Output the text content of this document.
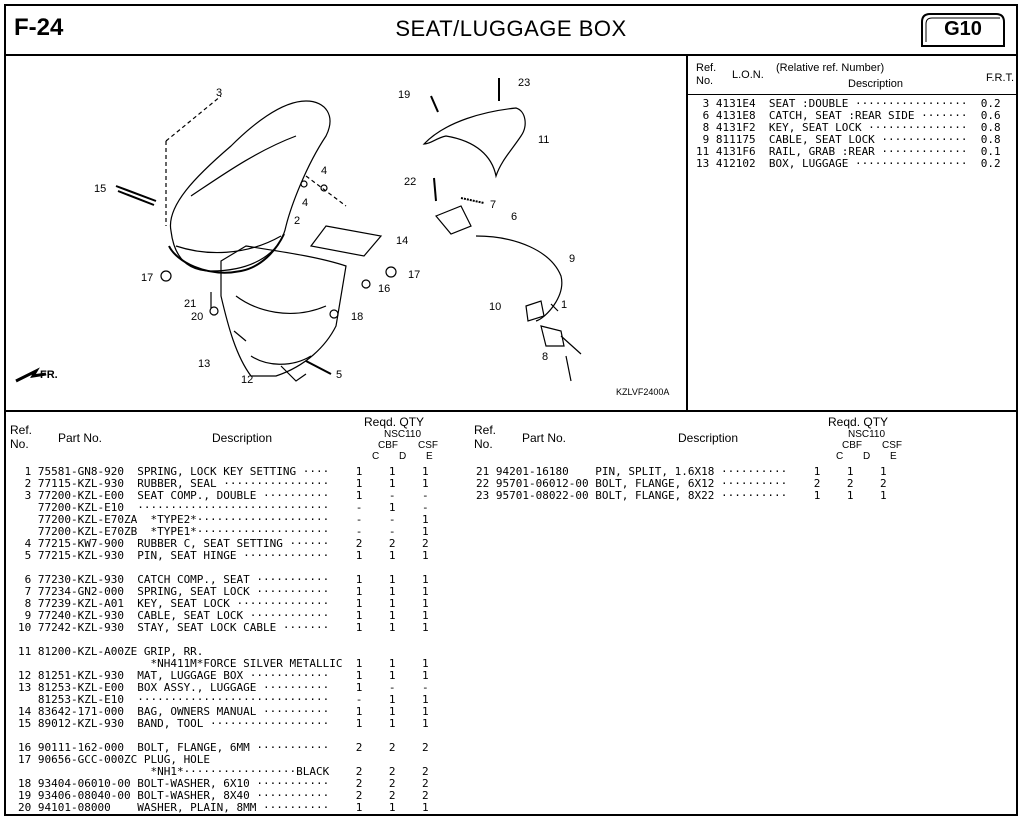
F-24	SEAT/LUGGAGE BOX	G10
3
4
4
15
2
14
17	17
16
21
20	18
13
12	5
19
23
11
22
7
6
9
10	1
8
FR.
KZLVF2400A
Ref.
No. L.O.N.
(Relative ref. Number)
Description	F.R.T.
3 4131E4  SEAT :DOUBLE ·················  0.2
6 4131E8  CATCH, SEAT :REAR SIDE ·······  0.6
8 4131F2  KEY, SEAT LOCK ···············  0.8
9 811175  CABLE, SEAT LOCK ·············  0.8
11 4131F6  RAIL, GRAB :REAR ·············  0.1
13 412102  BOX, LUGGAGE ·················  0.2
Ref.
No. Part No.	Description
Reqd. QTY
NSC110
CBF CSF
C D E
Ref.
No. Part No.	Description
Reqd. QTY
NSC110
CBF CSF
C D E
1 75581-GN8-920  SPRING, LOCK KEY SETTING ····    1    1    1
2 77115-KZL-930  RUBBER, SEAL ················    1    1    1
3 77200-KZL-E00  SEAT COMP., DOUBLE ··········    1    -    -
77200-KZL-E10  ·····························    -    1    -
77200-KZL-E70ZA  *TYPE2*····················    -    -    1
77200-KZL-E70ZB  *TYPE1*····················    -    -    1
4 77215-KW7-900  RUBBER C, SEAT SETTING ······    2    2    2
5 77215-KZL-930  PIN, SEAT HINGE ·············    1    1    1
6 77230-KZL-930  CATCH COMP., SEAT ···········    1    1    1
7 77234-GN2-000  SPRING, SEAT LOCK ···········    1    1    1
8 77239-KZL-A01  KEY, SEAT LOCK ··············    1    1    1
9 77240-KZL-930  CABLE, SEAT LOCK ············    1    1    1
10 77242-KZL-930  STAY, SEAT LOCK CABLE ·······    1    1    1
11 81200-KZL-A00ZE GRIP, RR.
*NH411M*FORCE SILVER METALLIC  1    1    1
12 81251-KZL-930  MAT, LUGGAGE BOX ············    1    1    1
13 81253-KZL-E00  BOX ASSY., LUGGAGE ··········    1    -    -
81253-KZL-E10  ·····························    -    1    1
14 83642-171-000  BAG, OWNERS MANUAL ··········    1    1    1
15 89012-KZL-930  BAND, TOOL ··················    1    1    1
16 90111-162-000  BOLT, FLANGE, 6MM ···········    2    2    2
17 90656-GCC-000ZC PLUG, HOLE
*NH1*·················BLACK    2    2    2
18 93404-06010-00 BOLT-WASHER, 6X10 ···········    2    2    2
19 93406-08040-00 BOLT-WASHER, 8X40 ···········    2    2    2
20 94101-08000    WASHER, PLAIN, 8MM ··········    1    1    1
21 94201-16180    PIN, SPLIT, 1.6X18 ··········    1    1    1
22 95701-06012-00 BOLT, FLANGE, 6X12 ··········    2    2    2
23 95701-08022-00 BOLT, FLANGE, 8X22 ··········    1    1    1
